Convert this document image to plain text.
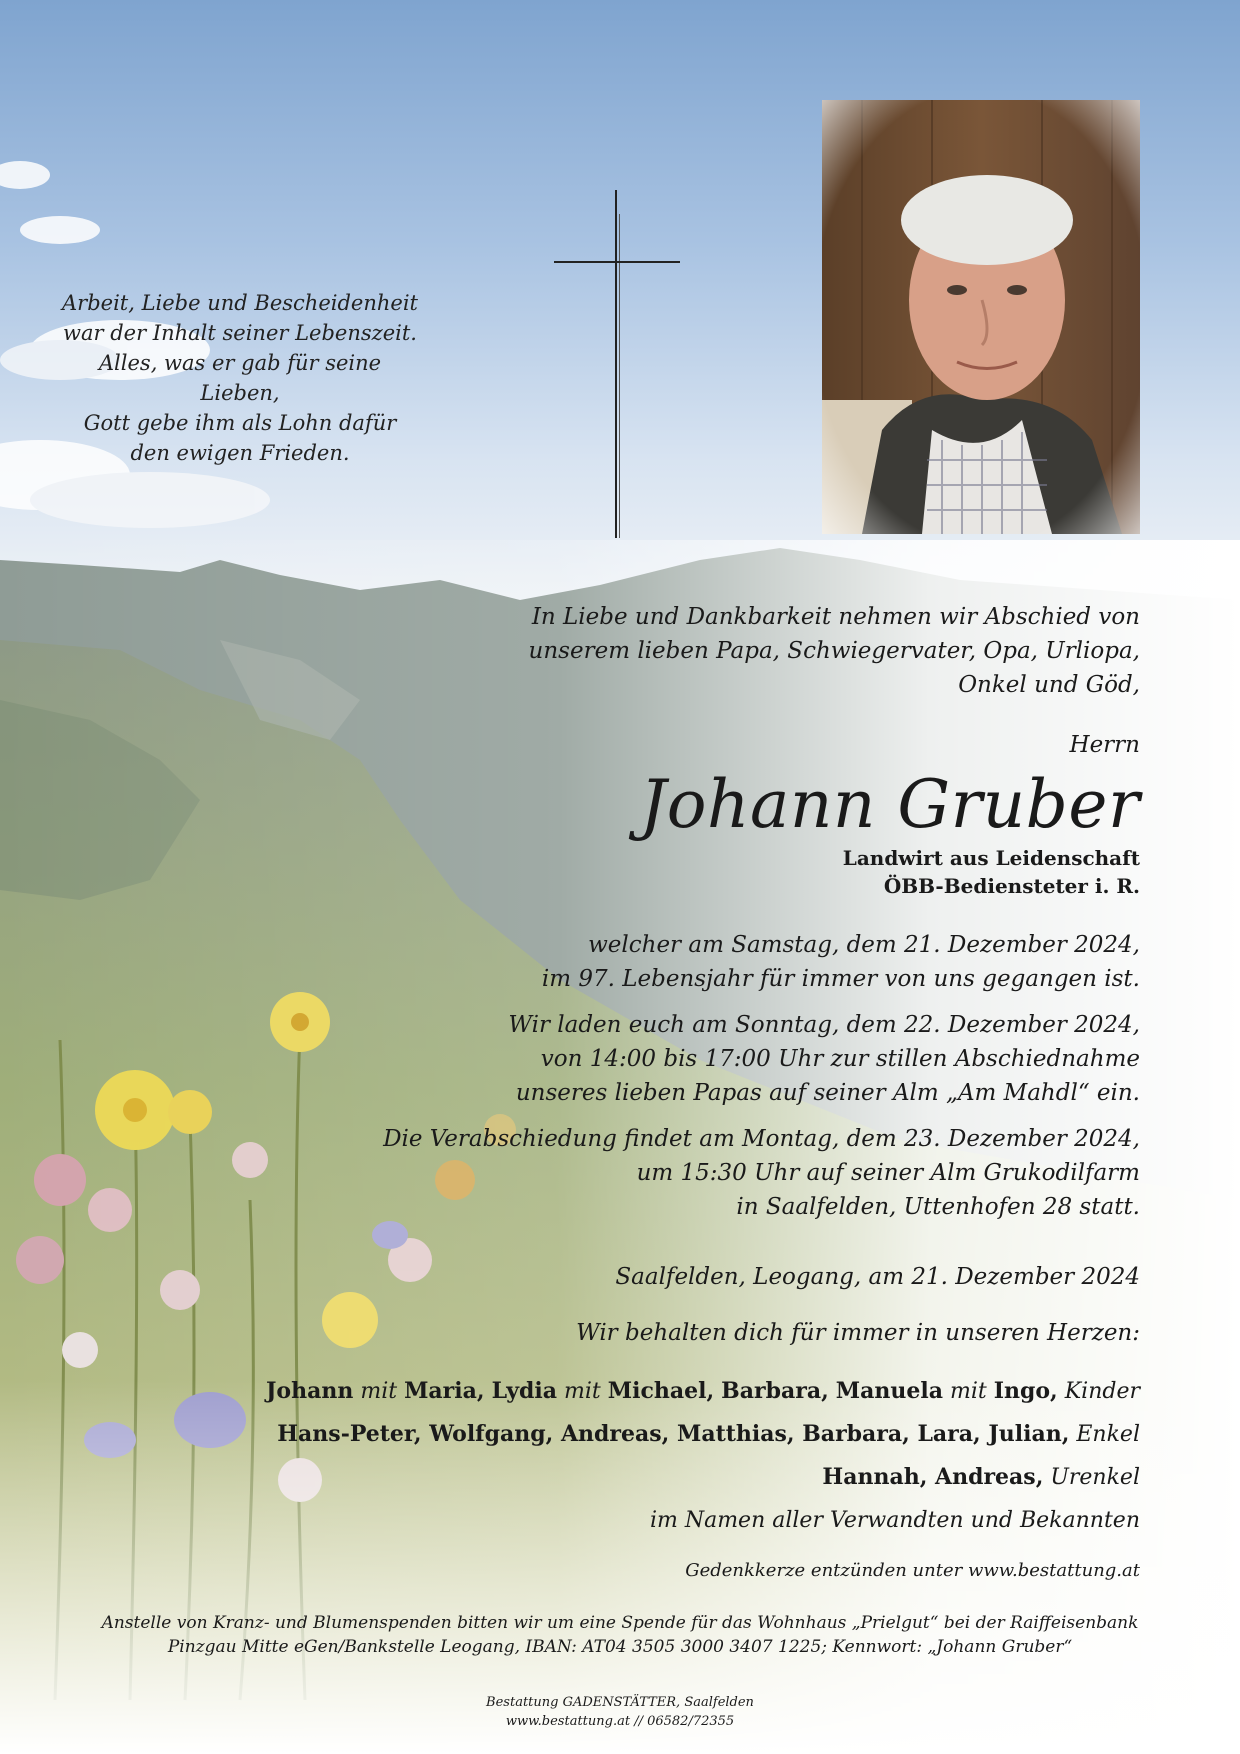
Arbeit, Liebe und Bescheidenheit
war der Inhalt seiner Lebenszeit.
Alles, was er gab für seine Lieben,
Gott gebe ihm als Lohn dafür
den ewigen Frieden.

In Liebe und Dankbarkeit nehmen wir Abschied von

unserem lieben Papa, Schwiegervater, Opa, Urliopa,

Onkel und Göd,

Herrn

Johann Gruber

Landwirt aus Leidenschaft

ÖBB-Bediensteter i. R.

welcher am Samstag, dem 21. Dezember 2024,

im 97. Lebensjahr für immer von uns gegangen ist.

Wir laden euch am Sonntag, dem 22. Dezember 2024,

von 14:00 bis 17:00 Uhr zur stillen Abschiednahme

unseres lieben Papas auf seiner Alm „Am Mahdl“ ein.

Die Verabschiedung findet am Montag, dem 23. Dezember 2024,

um 15:30 Uhr auf seiner Alm Grukodilfarm

in Saalfelden, Uttenhofen 28 statt.

Saalfelden, Leogang, am 21. Dezember 2024

Wir behalten dich für immer in unseren Herzen:

Johann mit Maria, Lydia mit Michael, Barbara, Manuela mit Ingo, Kinder
Hans-Peter, Wolfgang, Andreas, Matthias, Barbara, Lara, Julian, Enkel
Hannah, Andreas, Urenkel
im Namen aller Verwandten und Bekannten
Gedenkkerze entzünden unter www.bestattung.at
Anstelle von Kranz- und Blumenspenden bitten wir um eine Spende für das Wohnhaus „Prielgut“ bei der Raiffeisenbank
Pinzgau Mitte eGen/Bankstelle Leogang, IBAN: AT04 3505 3000 3407 1225; Kennwort: „Johann Gruber“
Bestattung GADENSTÄTTER, Saalfelden
www.bestattung.at // 06582/72355
